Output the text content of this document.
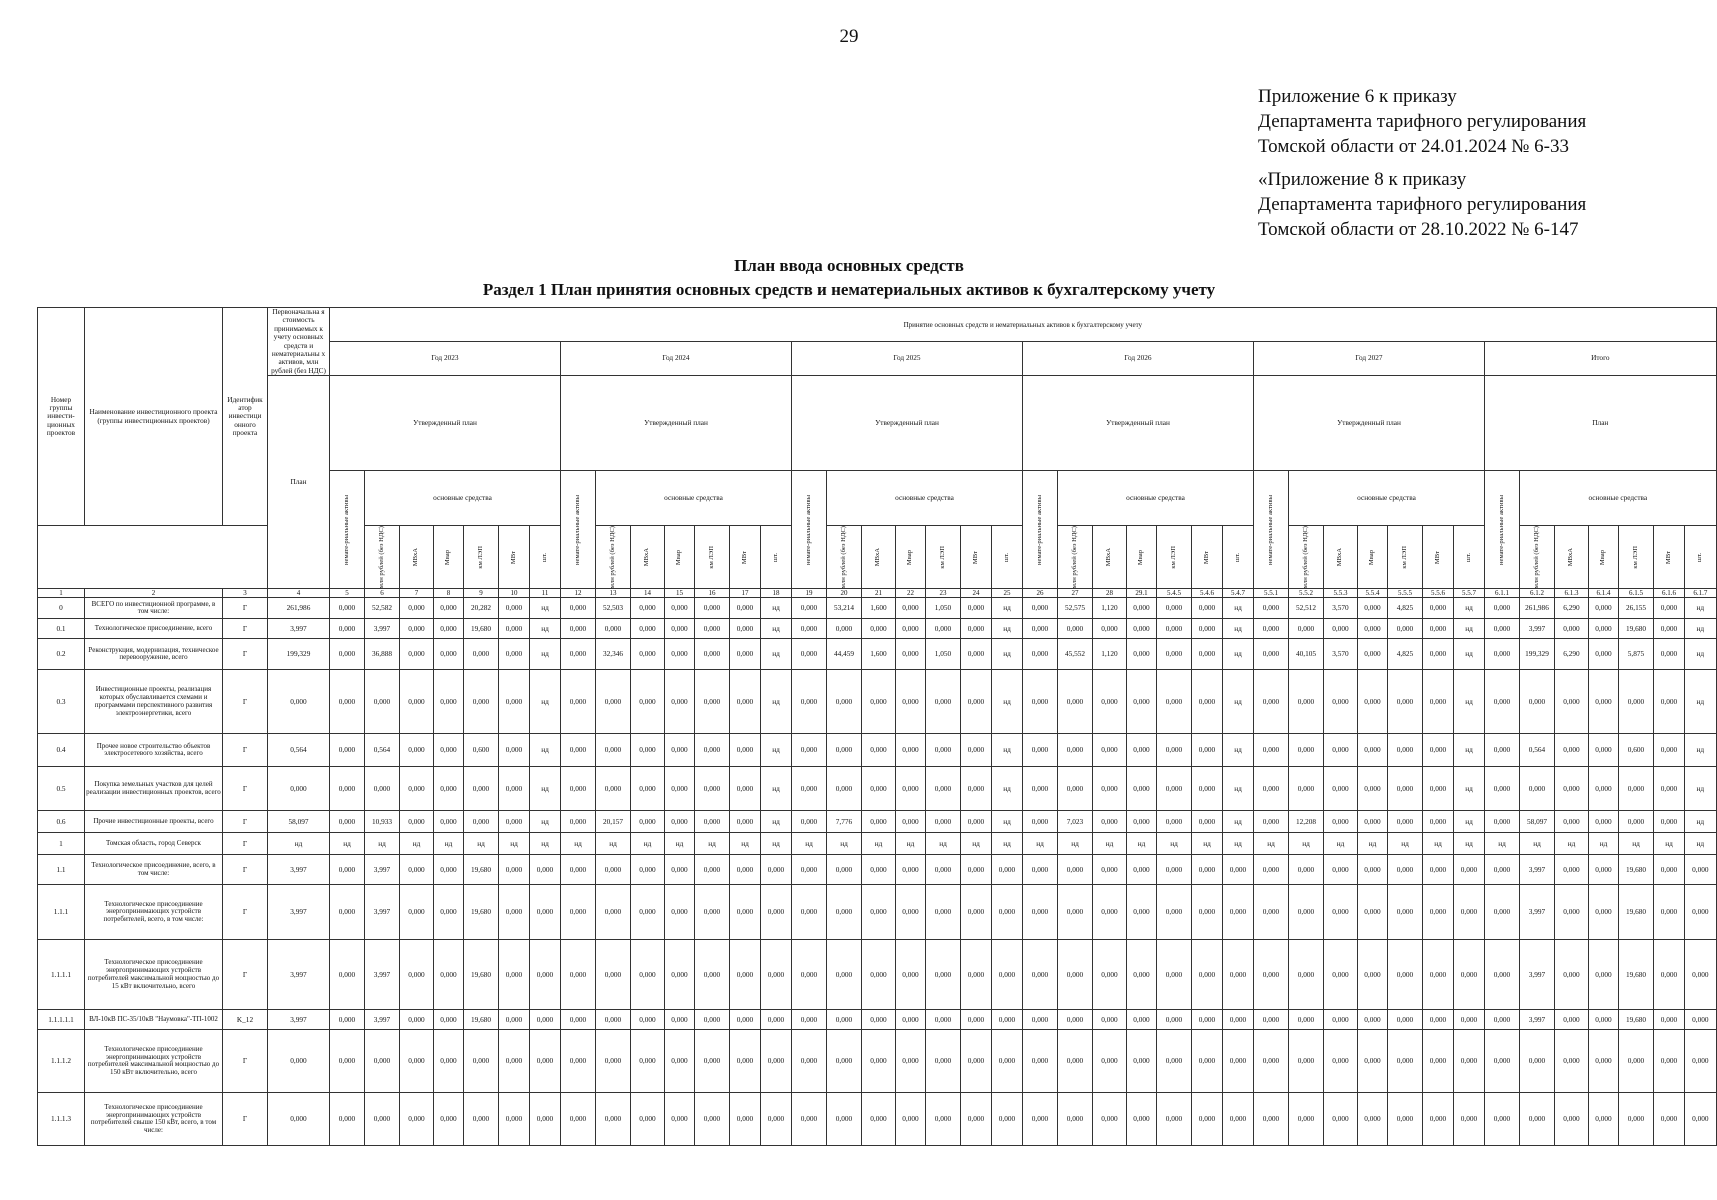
29
Приложение 6 к приказу
Департамента тарифного регулирования
Томской области от 24.01.2024 № 6-33
«Приложение 8 к приказу
Департамента тарифного регулирования
Томской области от 28.10.2022 № 6-147
План ввода основных средств
Раздел 1 План принятия основных средств и нематериальных активов к бухгалтерскому учету
Номер группы инвести-ционных проектов	Наименование инвестиционного проекта (группы инвестиционных проектов)	Идентифик атор инвестици онного проекта	Первоначальна я стоимость принимаемых к учету основных средств и нематериальны х активов, млн рублей (без НДС)	Принятие основных средств и нематериальных активов к бухгалтерскому учету																																									
				Год 2023							Год 2024							Год 2025							Год 2026							Год 2027							Итого						
			План	Утвержденный план							Утвержденный план							Утвержденный план							Утвержденный план							Утвержденный план							План						

				немате-риальные активы	основные средства						немате-риальные активы	основные средства						немате-риальные активы	основные средства						немате-риальные активы	основные средства						немате-риальные активы	основные средства						немате-риальные активы	основные средства					

					млн рублей (без НДС)	МВхА	Мвар	км ЛЭП	МВт	шт.		млн рублей (без НДС)	МВхА	Мвар	км ЛЭП	МВт	шт.		млн рублей (без НДС)	МВхА	Мвар	км ЛЭП	МВт	шт.		млн рублей (без НДС)	МВхА	Мвар	км ЛЭП	МВт	шт.		млн рублей (без НДС)	МВхА	Мвар	км ЛЭП	МВт	шт.		млн рублей (без НДС)	МВхА	Мвар	км ЛЭП	МВт	шт.

1	2	3	4	5	6	7	8	9	10	11	12	13	14	15	16	17	18	19	20	21	22	23	24	25	26	27	28	29.1	5.4.5	5.4.6	5.4.7	5.5.1	5.5.2	5.5.3	5.5.4	5.5.5	5.5.6	5.5.7	6.1.1	6.1.2	6.1.3	6.1.4	6.1.5	6.1.6	6.1.7
0	ВСЕГО по инвестиционной программе, в том числе:	Г	261,986	0,000	52,582	0,000	0,000	20,282	0,000	нд	0,000	52,503	0,000	0,000	0,000	0,000	нд	0,000	53,214	1,600	0,000	1,050	0,000	нд	0,000	52,575	1,120	0,000	0,000	0,000	нд	0,000	52,512	3,570	0,000	4,825	0,000	нд	0,000	261,986	6,290	0,000	26,155	0,000	нд
0.1	Технологическое присоединение, всего	Г	3,997	0,000	3,997	0,000	0,000	19,680	0,000	нд	0,000	0,000	0,000	0,000	0,000	0,000	нд	0,000	0,000	0,000	0,000	0,000	0,000	нд	0,000	0,000	0,000	0,000	0,000	0,000	нд	0,000	0,000	0,000	0,000	0,000	0,000	нд	0,000	3,997	0,000	0,000	19,680	0,000	нд
0.2	Реконструкция, модернизация, техническое перевооружение, всего	Г	199,329	0,000	36,888	0,000	0,000	0,000	0,000	нд	0,000	32,346	0,000	0,000	0,000	0,000	нд	0,000	44,459	1,600	0,000	1,050	0,000	нд	0,000	45,552	1,120	0,000	0,000	0,000	нд	0,000	40,105	3,570	0,000	4,825	0,000	нд	0,000	199,329	6,290	0,000	5,875	0,000	нд
0.3	Инвестиционные проекты, реализация которых обуславливается схемами и программами перспективного развития электроэнергетики, всего	Г	0,000	0,000	0,000	0,000	0,000	0,000	0,000	нд	0,000	0,000	0,000	0,000	0,000	0,000	нд	0,000	0,000	0,000	0,000	0,000	0,000	нд	0,000	0,000	0,000	0,000	0,000	0,000	нд	0,000	0,000	0,000	0,000	0,000	0,000	нд	0,000	0,000	0,000	0,000	0,000	0,000	нд
0.4	Прочее новое строительство объектов электросетевого хозяйства, всего	Г	0,564	0,000	0,564	0,000	0,000	0,600	0,000	нд	0,000	0,000	0,000	0,000	0,000	0,000	нд	0,000	0,000	0,000	0,000	0,000	0,000	нд	0,000	0,000	0,000	0,000	0,000	0,000	нд	0,000	0,000	0,000	0,000	0,000	0,000	нд	0,000	0,564	0,000	0,000	0,600	0,000	нд
0.5	Покупка земельных участков для целей реализации инвестиционных проектов, всего	Г	0,000	0,000	0,000	0,000	0,000	0,000	0,000	нд	0,000	0,000	0,000	0,000	0,000	0,000	нд	0,000	0,000	0,000	0,000	0,000	0,000	нд	0,000	0,000	0,000	0,000	0,000	0,000	нд	0,000	0,000	0,000	0,000	0,000	0,000	нд	0,000	0,000	0,000	0,000	0,000	0,000	нд
0.6	Прочие инвестиционные проекты, всего	Г	58,097	0,000	10,933	0,000	0,000	0,000	0,000	нд	0,000	20,157	0,000	0,000	0,000	0,000	нд	0,000	7,776	0,000	0,000	0,000	0,000	нд	0,000	7,023	0,000	0,000	0,000	0,000	нд	0,000	12,208	0,000	0,000	0,000	0,000	нд	0,000	58,097	0,000	0,000	0,000	0,000	нд
1	Томская область, город Северск	Г	нд	нд	нд	нд	нд	нд	нд	нд	нд	нд	нд	нд	нд	нд	нд	нд	нд	нд	нд	нд	нд	нд	нд	нд	нд	нд	нд	нд	нд	нд	нд	нд	нд	нд	нд	нд	нд	нд	нд	нд	нд	нд	нд
1.1	Технологическое присоединение, всего, в том числе:	Г	3,997	0,000	3,997	0,000	0,000	19,680	0,000	0,000	0,000	0,000	0,000	0,000	0,000	0,000	0,000	0,000	0,000	0,000	0,000	0,000	0,000	0,000	0,000	0,000	0,000	0,000	0,000	0,000	0,000	0,000	0,000	0,000	0,000	0,000	0,000	0,000	0,000	3,997	0,000	0,000	19,680	0,000	0,000
1.1.1	Технологическое присоединение энергопринимающих устройств потребителей, всего, в том числе:	Г	3,997	0,000	3,997	0,000	0,000	19,680	0,000	0,000	0,000	0,000	0,000	0,000	0,000	0,000	0,000	0,000	0,000	0,000	0,000	0,000	0,000	0,000	0,000	0,000	0,000	0,000	0,000	0,000	0,000	0,000	0,000	0,000	0,000	0,000	0,000	0,000	0,000	3,997	0,000	0,000	19,680	0,000	0,000
1.1.1.1	Технологическое присоединение энергопринимающих устройств потребителей максимальной мощностью до 15 кВт включительно, всего	Г	3,997	0,000	3,997	0,000	0,000	19,680	0,000	0,000	0,000	0,000	0,000	0,000	0,000	0,000	0,000	0,000	0,000	0,000	0,000	0,000	0,000	0,000	0,000	0,000	0,000	0,000	0,000	0,000	0,000	0,000	0,000	0,000	0,000	0,000	0,000	0,000	0,000	3,997	0,000	0,000	19,680	0,000	0,000
1.1.1.1.1	ВЛ-10кВ ПС-35/10кВ "Наумовка"-ТП-1002	K_12	3,997	0,000	3,997	0,000	0,000	19,680	0,000	0,000	0,000	0,000	0,000	0,000	0,000	0,000	0,000	0,000	0,000	0,000	0,000	0,000	0,000	0,000	0,000	0,000	0,000	0,000	0,000	0,000	0,000	0,000	0,000	0,000	0,000	0,000	0,000	0,000	0,000	3,997	0,000	0,000	19,680	0,000	0,000
1.1.1.2	Технологическое присоединение энергопринимающих устройств потребителей максимальной мощностью до 150 кВт включительно, всего	Г	0,000	0,000	0,000	0,000	0,000	0,000	0,000	0,000	0,000	0,000	0,000	0,000	0,000	0,000	0,000	0,000	0,000	0,000	0,000	0,000	0,000	0,000	0,000	0,000	0,000	0,000	0,000	0,000	0,000	0,000	0,000	0,000	0,000	0,000	0,000	0,000	0,000	0,000	0,000	0,000	0,000	0,000	0,000
1.1.1.3	Технологическое присоединение энергопринимающих устройств потребителей свыше 150 кВт, всего, в том числе:	Г	0,000	0,000	0,000	0,000	0,000	0,000	0,000	0,000	0,000	0,000	0,000	0,000	0,000	0,000	0,000	0,000	0,000	0,000	0,000	0,000	0,000	0,000	0,000	0,000	0,000	0,000	0,000	0,000	0,000	0,000	0,000	0,000	0,000	0,000	0,000	0,000	0,000	0,000	0,000	0,000	0,000	0,000	0,000
